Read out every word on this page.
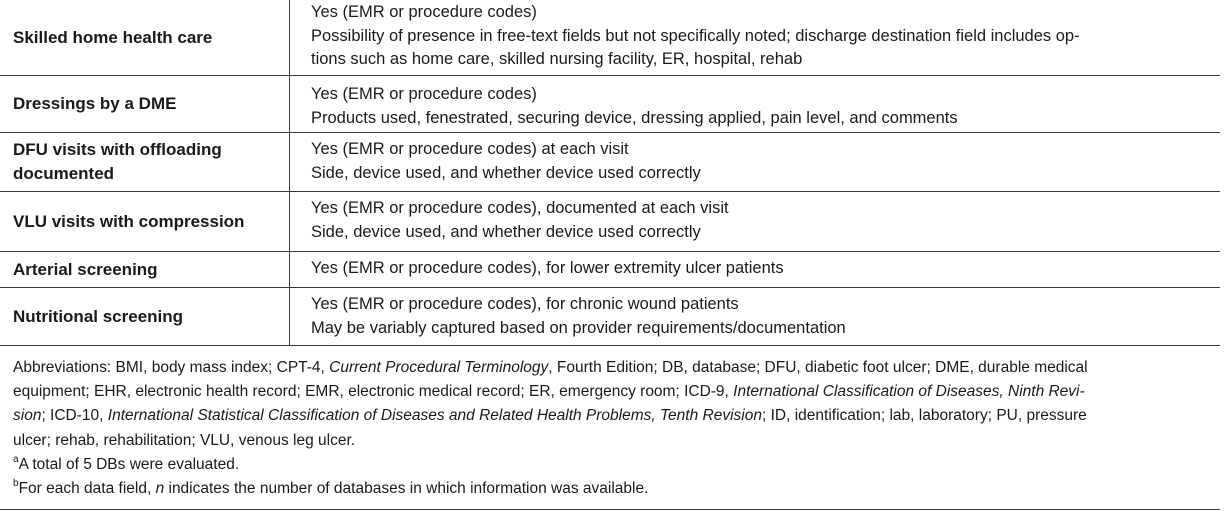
Skilled home health care
Yes (EMR or procedure codes)
Possibility of presence in free-text fields but not specifically noted; discharge destination field includes op-
tions such as home care, skilled nursing facility, ER, hospital, rehab
Dressings by a DME	Yes (EMR or procedure codes)
Products used, fenestrated, securing device, dressing applied, pain level, and comments
DFU visits with offloading
documented
Yes (EMR or procedure codes) at each visit
Side, device used, and whether device used correctly
VLU visits with compression
Yes (EMR or procedure codes), documented at each visit
Side, device used, and whether device used correctly
Arterial screening	Yes (EMR or procedure codes), for lower extremity ulcer patients
Nutritional screening
Yes (EMR or procedure codes), for chronic wound patients
May be variably captured based on provider requirements/documentation
Abbreviations: BMI, body mass index; CPT-4, Current Procedural Terminology, Fourth Edition; DB, database; DFU, diabetic foot ulcer; DME, durable medical
equipment; EHR, electronic health record; EMR, electronic medical record; ER, emergency room; ICD-9, International Classification of Diseases, Ninth Revi-
sion; ICD-10, International Statistical Classification of Diseases and Related Health Problems, Tenth Revision; ID, identification; lab, laboratory; PU, pressure
ulcer; rehab, rehabilitation; VLU, venous leg ulcer.
$^a$A total of 5 DBs were evaluated.
$^b$For each data field, n indicates the number of databases in which information was available.
